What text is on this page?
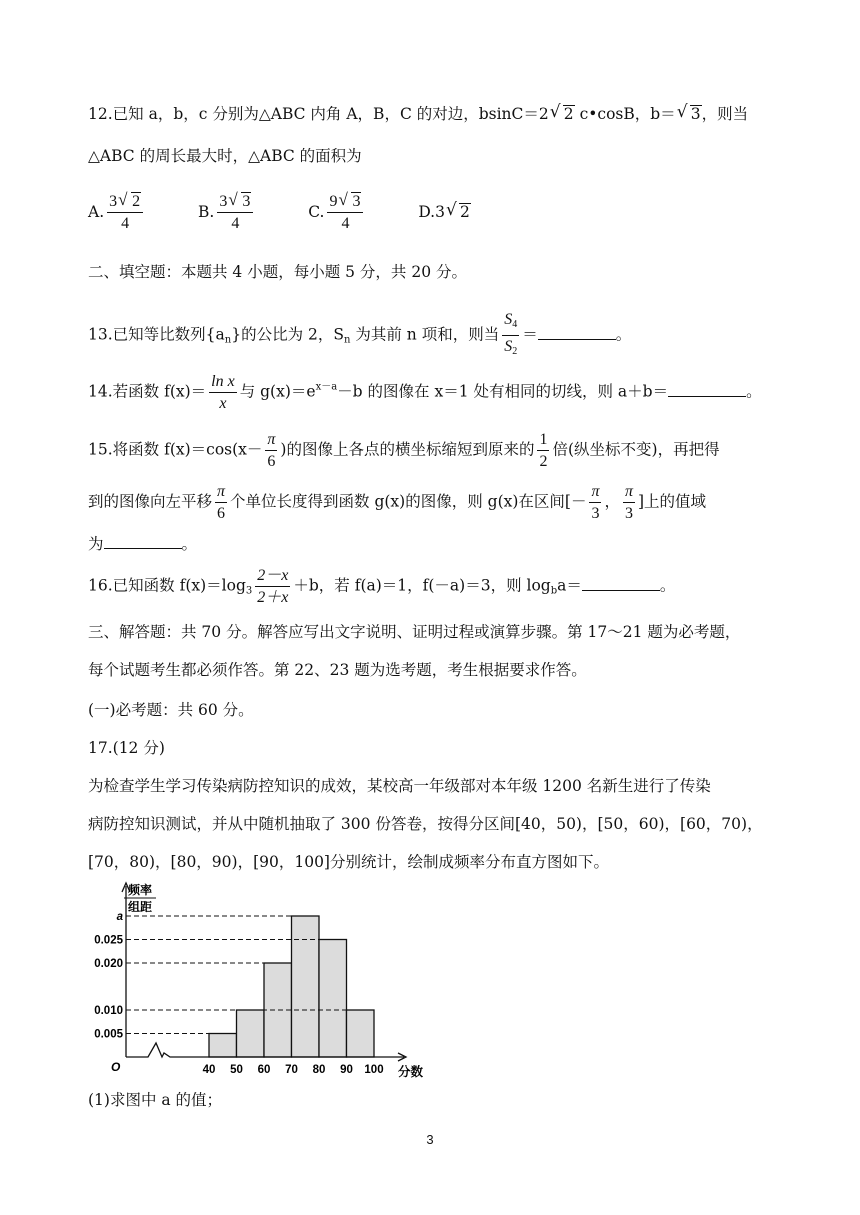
12.已知 a，b，c 分别为△ABC 内角 A，B，C 的对边，bsinC＝2 √ 2 c•cosB，b＝ √ 3，则当
△ABC 的周长最大时，△ABC 的面积为
A. $\frac{3 √ 2}{4}$	B. $\frac{3 √ 3}{4}$	C. $\frac{9 √ 3}{4}$	D.3 √ 2
二、填空题：本题共 4 小题，每小题 5 分，共 20 分。
13.已知等比数列$\{a_n\}$的公比为 2，$S_n$ 为其前 n 项和，则当 $\frac{S_4}{S_2}$ ＝	。
14.若函数 $f(x)= \frac{\text{ln x}}{x}$ 与 $g(x)=e^{x-a}-b$ 的图像在 x＝1 处有相同的切线，则 a＋b＝	。
15.将函数 $f(x)=\cos(x- \frac{\pi}{6}$ )的图像上各点的横坐标缩短到原来的 $\frac{1}{2}$ 倍(纵坐标不变)，再把得
到的图像向左平移 $\frac{\pi}{6}$ 个单位长度得到函数 g(x)的图像，则 g(x)在区间[－ $\frac{\pi}{3}$ ， $\frac{\pi}{3}$ ]上的值域
为	。
16.已知函数 $f(x)=\log_3 \frac{2-x}{2+x} +b$，若 f(a)＝1，f(－a)＝3，则 $\log_ba=$	。
三、解答题：共 70 分。解答应写出文字说明、证明过程或演算步骤。第 17～21 题为必考题，
每个试题考生都必须作答。第 22、23 题为选考题，考生根据要求作答。
(一)必考题：共 60 分。
17.(12 分)
为检查学生学习传染病防控知识的成效，某校高一年级部对本年级 1200 名新生进行了传染
病防控知识测试，并从中随机抽取了 300 份答卷，按得分区间[40，50)，[50，60)，[60，70)，
[70，80)，[80，90)，[90，100]分别统计，绘制成频率分布直方图如下。
a
0.025
0.020
0.010
0.005
40 50 60 70 80 90 100 分数
O
频率
组距
(1)求图中 a 的值；
3
